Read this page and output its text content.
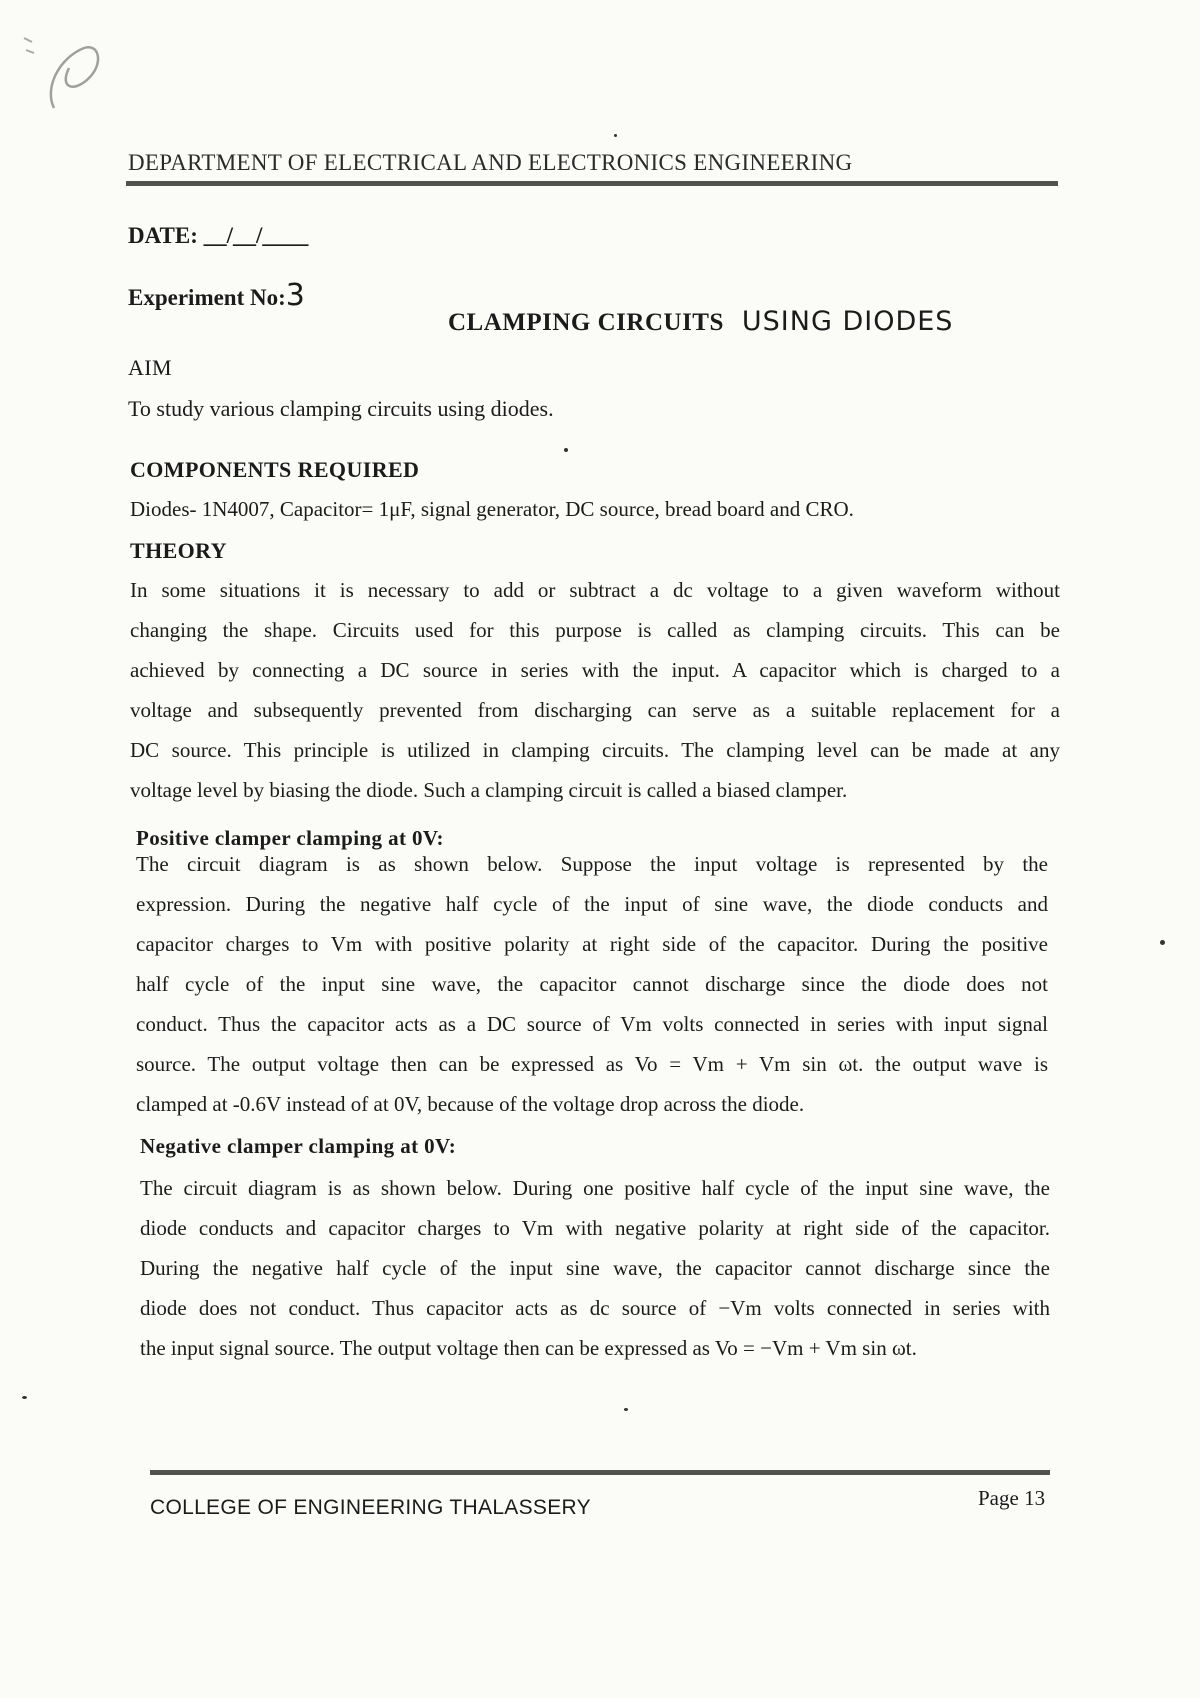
DEPARTMENT OF ELECTRICAL AND ELECTRONICS ENGINEERING
DATE: __/__/____
Experiment No:3
CLAMPING CIRCUITS USING DIODES
AIM
To study various clamping circuits using diodes.
COMPONENTS REQUIRED
Diodes- 1N4007, Capacitor= 1μF, signal generator, DC source, bread board and CRO.
THEORY
In some situations it is necessary to add or subtract a dc voltage to a given waveform without
changing the shape. Circuits used for this purpose is called as clamping circuits. This can be
achieved by connecting a DC source in series with the input. A capacitor which is charged to a
voltage and subsequently prevented from discharging can serve as a suitable replacement for a
DC source. This principle is utilized in clamping circuits. The clamping level can be made at any
voltage level by biasing the diode. Such a clamping circuit is called a biased clamper.
Positive clamper clamping at 0V:
The circuit diagram is as shown below. Suppose the input voltage is represented by the
expression. During the negative half cycle of the input of sine wave, the diode conducts and
capacitor charges to Vm with positive polarity at right side of the capacitor. During the positive
half cycle of the input sine wave, the capacitor cannot discharge since the diode does not
conduct. Thus the capacitor acts as a DC source of Vm volts connected in series with input signal
source. The output voltage then can be expressed as Vo = Vm + Vm sin ωt. the output wave is
clamped at -0.6V instead of at 0V, because of the voltage drop across the diode.
Negative clamper clamping at 0V:
The circuit diagram is as shown below. During one positive half cycle of the input sine wave, the
diode conducts and capacitor charges to Vm with negative polarity at right side of the capacitor.
During the negative half cycle of the input sine wave, the capacitor cannot discharge since the
diode does not conduct. Thus capacitor acts as dc source of −Vm volts connected in series with
the input signal source. The output voltage then can be expressed as Vo = −Vm + Vm sin ωt.
COLLEGE OF ENGINEERING THALASSERY	Page 13
